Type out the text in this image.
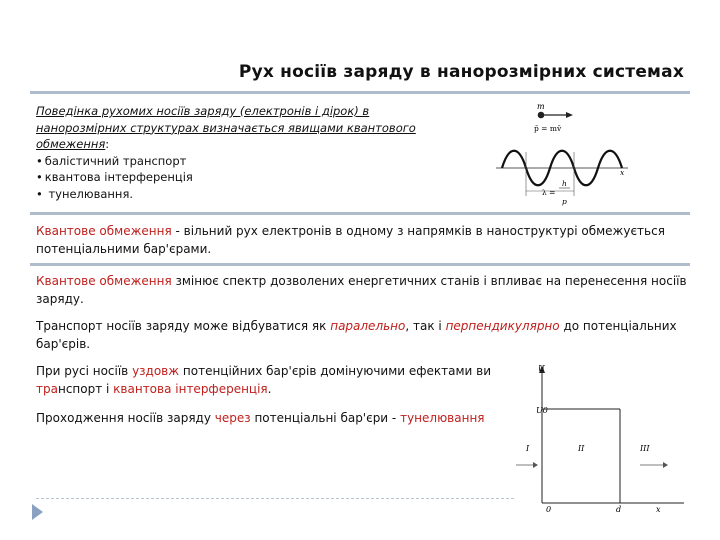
Рух носіїв заряду в нанорозмірних системах
Поведінка рухомих носіїв заряду (електронів і дірок) в нанорозмірних структурах визначається явищами квантового обмеження:
• балістичний транспорт
• квантова інтерференція
• тунелювання.
m
p̄ = mv̄
x
h
λ =
p
Квантове обмеження - вільний рух електронів в одному з напрямків в наноструктурі обмежується потенціальними бар'єрами.
Квантове обмеження змінює спектр дозволених енергетичних станів і впливає на перенесення носіїв заряду.
Транспорт носіїв заряду може відбуватися як паралельно, так і перпендикулярно до потенціальних бар'єрів.
При русі носіїв уздовж потенційних бар'єрів домінуючими ефектами ви	і

транспорт і квантова інтерференція.
Проходження носіїв заряду через потенціальні бар'єри - тунелювання
U
U0
I	II	III
0	d	x
